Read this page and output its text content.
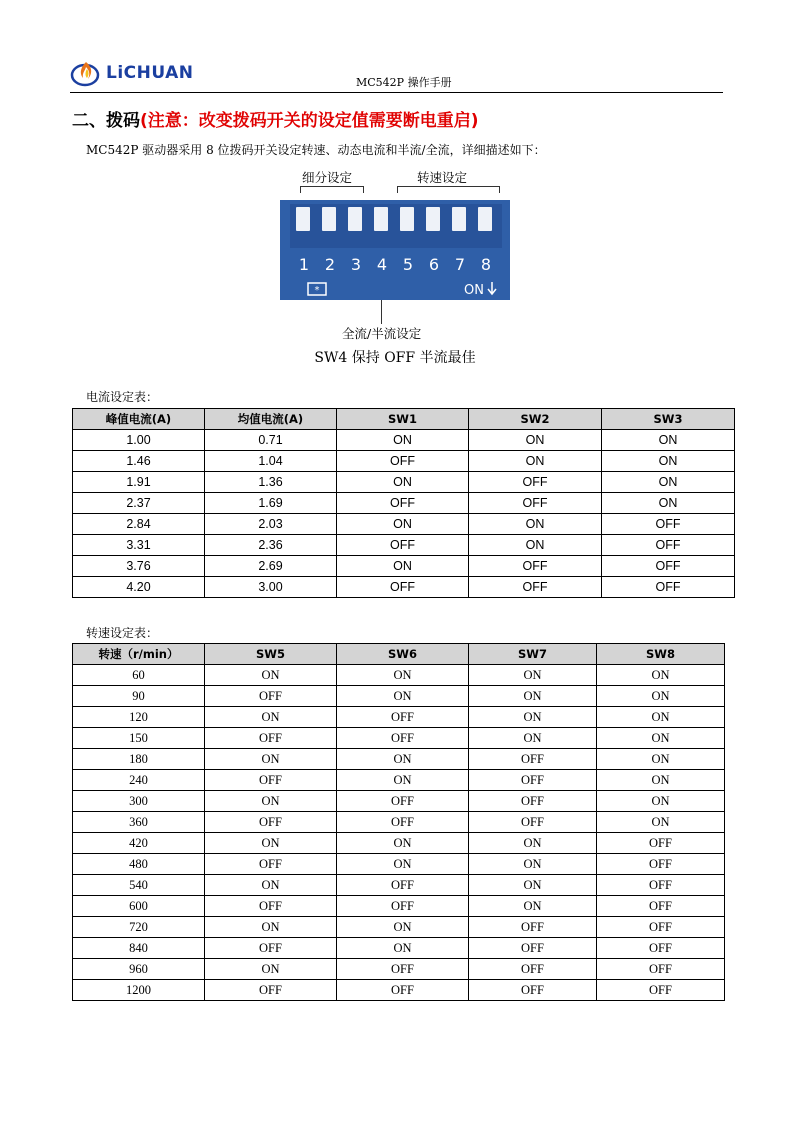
LiCHUAN	MC542P 操作手册
二、拨码(注意：改变拨码开关的设定值需要断电重启)
MC542P 驱动器采用 8 位拨码开关设定转速、动态电流和半流/全流，详细描述如下：
细分设定	转速设定
1 2 3 4 5 6 7 8
*	ON
全流/半流设定
SW4 保持 OFF 半流最佳
电流设定表：
峰值电流(A)	均值电流(A)	SW1	SW2	SW3
1.00	0.71	ON	ON	ON
1.46	1.04	OFF	ON	ON
1.91	1.36	ON	OFF	ON
2.37	1.69	OFF	OFF	ON
2.84	2.03	ON	ON	OFF
3.31	2.36	OFF	ON	OFF
3.76	2.69	ON	OFF	OFF
4.20	3.00	OFF	OFF	OFF
转速设定表：
转速（r/min）	SW5	SW6	SW7	SW8
60	ON	ON	ON	ON
90	OFF	ON	ON	ON
120	ON	OFF	ON	ON
150	OFF	OFF	ON	ON
180	ON	ON	OFF	ON
240	OFF	ON	OFF	ON
300	ON	OFF	OFF	ON
360	OFF	OFF	OFF	ON
420	ON	ON	ON	OFF
480	OFF	ON	ON	OFF
540	ON	OFF	ON	OFF
600	OFF	OFF	ON	OFF
720	ON	ON	OFF	OFF
840	OFF	ON	OFF	OFF
960	ON	OFF	OFF	OFF
1200	OFF	OFF	OFF	OFF
